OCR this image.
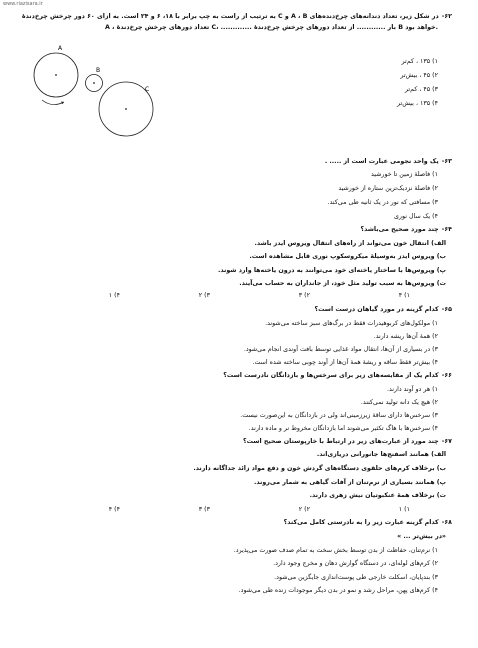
www.riazisara.ir
۶۲-در شکل زیر، تعداد دندانه‌های چرخ‌دنده‌های A ، B و C به ترتیب از راست به چپ برابر با ۱۸، ۶ و ۲۴ است. به ازای ۶۰ دور چرخش چرخ‌دندهٔ
A ، تعداد دورهای چرخش چرخ‌دندهٔ C، ............. بار ............ از تعداد دورهای چرخش چرخ‌دندهٔ B خواهد بود.
A
B
C
۱) ۱۳۵ ، کم‌تر
۲) ۴۵ ، بیش‌تر
۳) ۴۵ ، کم‌تر
۴) ۱۳۵ ، بیش‌تر
۶۳-یک واحد نجومی عبارت است از ..... .
۱) فاصلهٔ زمین تا خورشید
۲) فاصلهٔ نزدیک‌ترین ستاره از خورشید
۳) مسافتی که نور در یک ثانیه طی می‌کند.
۴) یک سال نوری
۶۴-چند مورد صحیح می‌باشد؟
الف) انتقال خون می‌تواند از راه‌های انتقال ویروس ایدز باشد.
ب) ویروس ایدز به‌وسیلهٔ میکروسکوپ نوری قابل مشاهده است.
پ) ویروس‌ها با ساختار یاخته‌ای خود می‌توانند به درون یاخته‌ها وارد شوند.
ت) ویروس‌ها به سبب تولید مثل خود، از جانداران به حساب می‌آیند.
۱) ۴
۲) ۳
۳) ۲
۴) ۱
۶۵-کدام گزینه در مورد گیاهان درست است؟
۱) مولکول‌های کربوهیدرات فقط در برگ‌های سبز ساخته می‌شوند.
۲) همهٔ آن‌ها ریشه دارند.
۳) در بسیاری از آن‌ها، انتقال مواد غذایی توسط بافت آوندی انجام می‌شود.
۴) بیش‌تر فقط ساقه و ریشهٔ همهٔ آن‌ها از آوند چوبی ساخته شده است.
۶۶-کدام یک از مقایسه‌های زیر برای سرخس‌ها و بازدانگان نادرست است؟
۱) هر دو آوند دارند.
۲) هیچ یک دانه تولید نمی‌کنند.
۳) سرخس‌ها دارای ساقهٔ زیرزمینی‌اند ولی در بازدانگان به این‌صورت نیست.
۴) سرخس‌ها با هاگ تکثیر می‌شوند اما بازدانگان مخروط نر و ماده دارند.
۶۷-چند مورد از عبارت‌های زیر در ارتباط با خارپوستان صحیح است؟
الف) همانند اسفنج‌ها جانورانی دریازی‌اند.
ب) برخلاف کرم‌های حلقوی دستگاه‌های گردش خون و دفع مواد زائد جداگانه دارند.
پ) همانند بسیاری از نرم‌تنان از آفات گیاهی به شمار می‌روند.
ت) برخلاف همهٔ عنکبوتیان نیش زهری دارند.
۱) ۱
۲) ۲
۳) ۳
۴) ۴
۶۸-کدام گزینه عبارت زیر را به نادرستی کامل می‌کند؟
«در بیش‌تر ... »
۱) نرم‌تنان، حفاظت از بدن توسط بخش سخت به تمام صدف صورت می‌پذیرد.
۲) کرم‌های لوله‌ای، در دستگاه گوارش دهان و مخرج وجود دارد.
۳) بندپایان، اسکلت خارجی طی پوست‌اندازی جایگزین می‌شود.
۴) کرم‌های پهن، مراحل رشد و نمو در بدن دیگر موجودات زنده طی می‌شود.
